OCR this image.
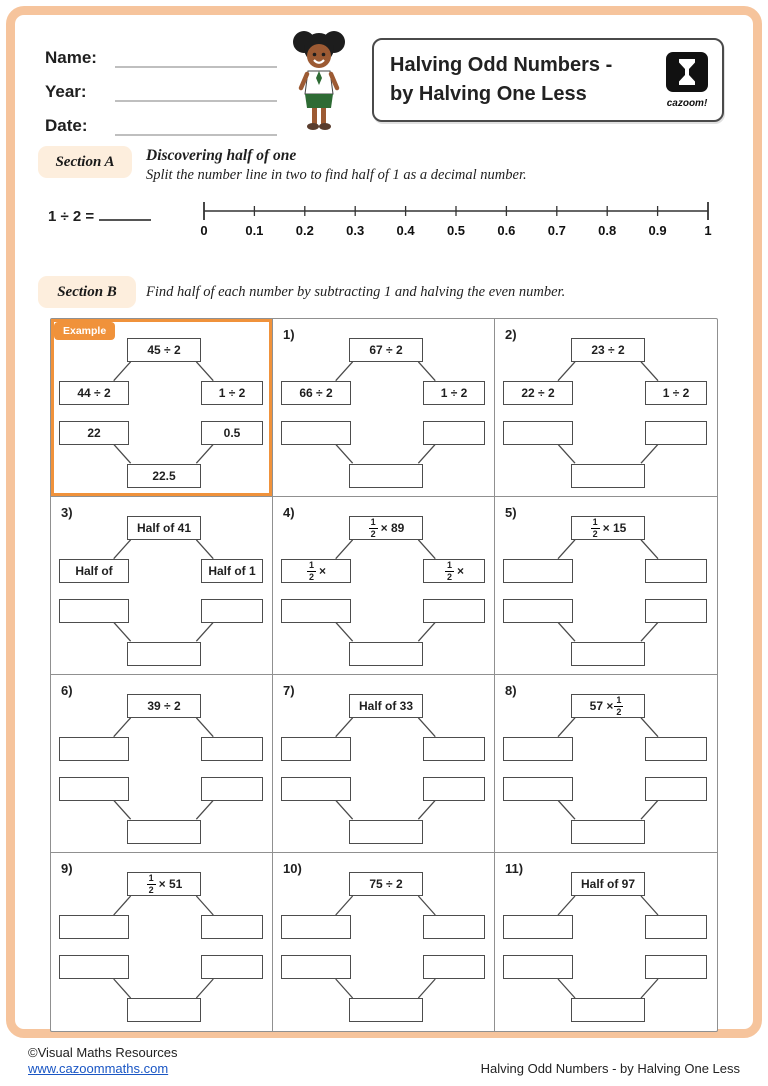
Name:
Year:
Date:
Halving Odd Numbers -
by Halving One Less	cazoom!
Section A	Discovering half of one
Split the number line in two to find half of 1 as a decimal number.
1 ÷ 2 =
0	0.1	0.2	0.3	0.4	0.5	0.6	0.7	0.8	0.9	1
Section B	Find half of each number by subtracting 1 and halving the even number.
Example
45 ÷ 2
44 ÷ 2	1 ÷ 2
22	0.5
22.5
1)
67 ÷ 2
66 ÷ 2	1 ÷ 2
2)
23 ÷ 2
22 ÷ 2	1 ÷ 2
3)
Half of 41
Half of	Half of 1
4)
$\frac{1}{2} \times 89$
$\frac{1}{2}$ ×	$\frac{1}{2}$ ×
5)
$\frac{1}{2} \times 15$
6)
39 ÷ 2
7)
Half of 33
8)
$57 \times \frac{1}{2}$
9)
$\frac{1}{2} \times 51$
10)
75 ÷ 2
11)
Half of 97
©Visual Maths Resources
www.cazoommaths.com	Halving Odd Numbers - by Halving One Less
